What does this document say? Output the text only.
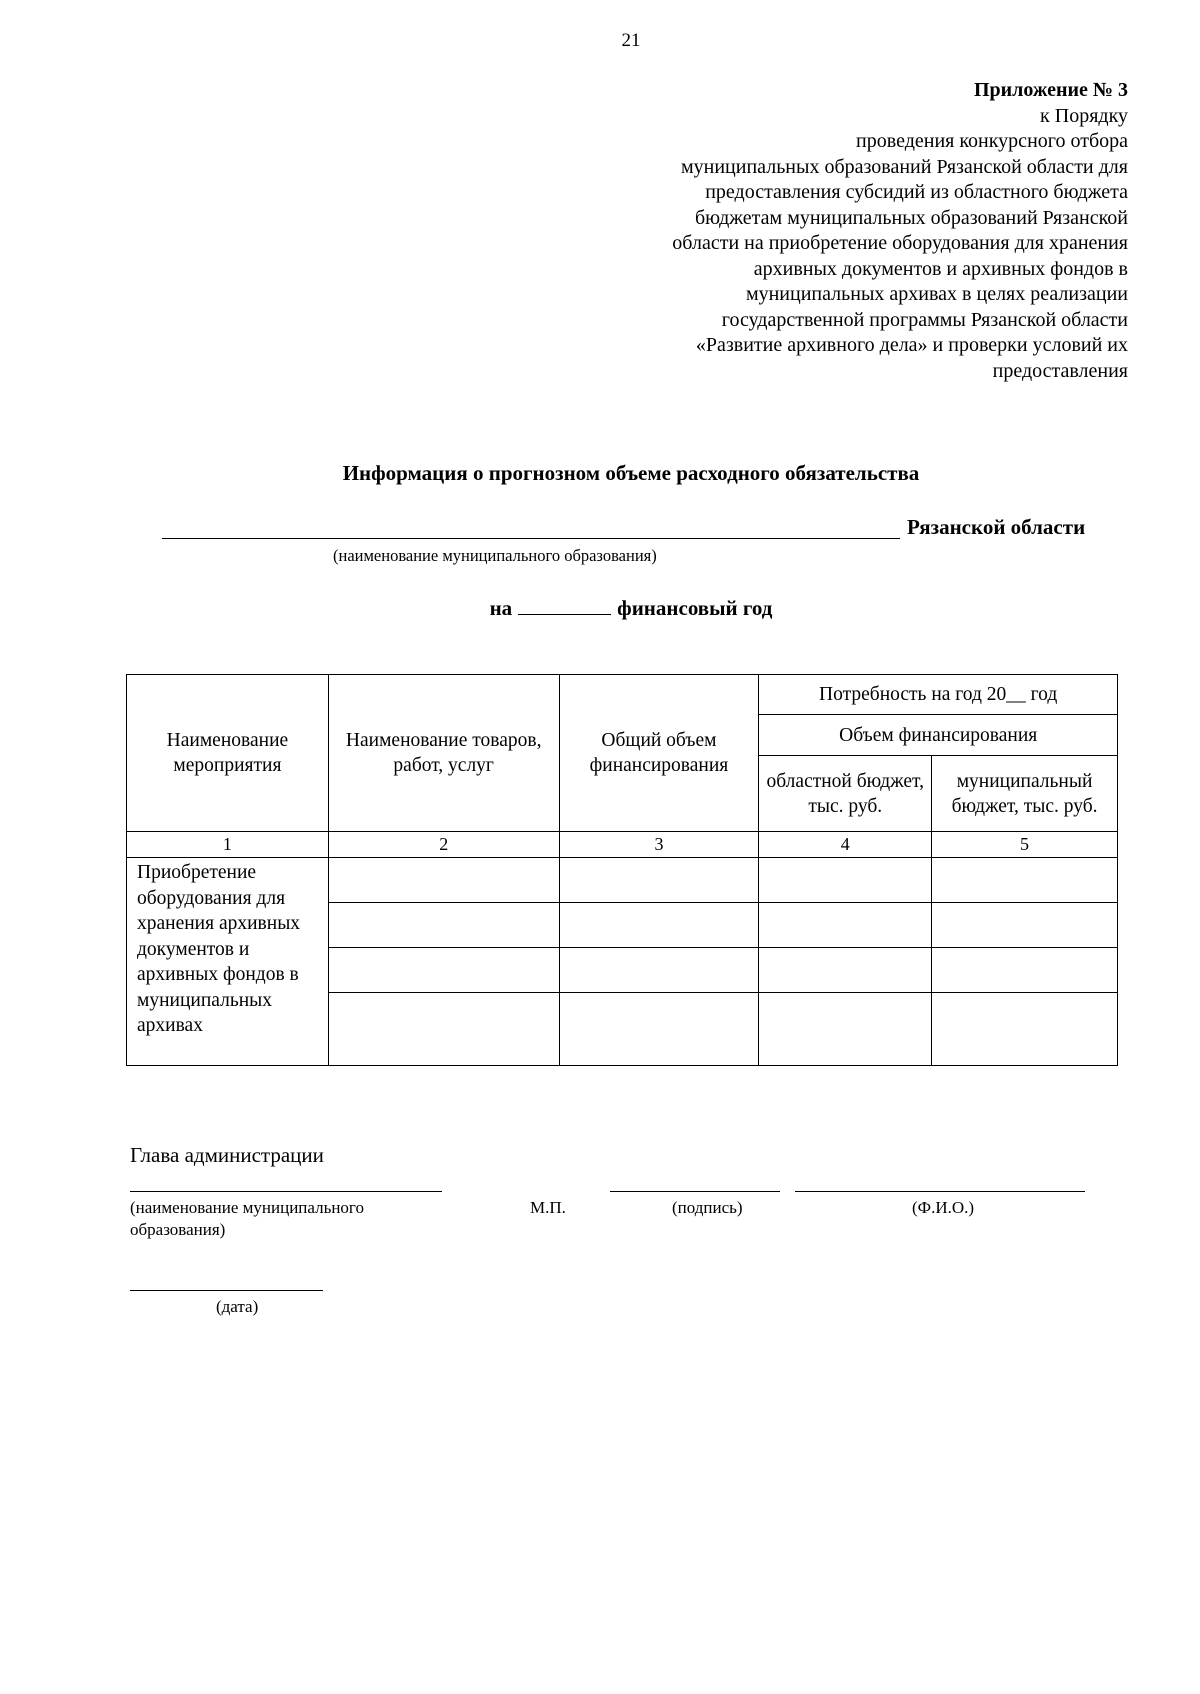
21
Приложение № 3
к Порядку
проведения конкурсного отбора
муниципальных образований Рязанской области для
предоставления субсидий из областного бюджета
бюджетам муниципальных образований Рязанской
области на приобретение оборудования для хранения
архивных документов и архивных фондов в
муниципальных архивах в целях реализации
государственной программы Рязанской области
«Развитие архивного дела» и проверки условий их
предоставления
Информация о прогнозном объеме расходного обязательства
Рязанской области
(наименование муниципального образования)
на	финансовый год
Наименование мероприятия	Наименование товаров, работ, услуг	Общий объем финансирования	Потребность на год 20__ год	
			Объем финансирования	
			областной бюджет, тыс. руб.	муниципальный бюджет, тыс. руб.
1	2	3	4	5
Приобретение оборудования для хранения архивных документов и архивных фондов в муниципальных архивах				

Глава администрации
(наименование муниципального образования)
М.П.	(подпись)	(Ф.И.О.)
(дата)
